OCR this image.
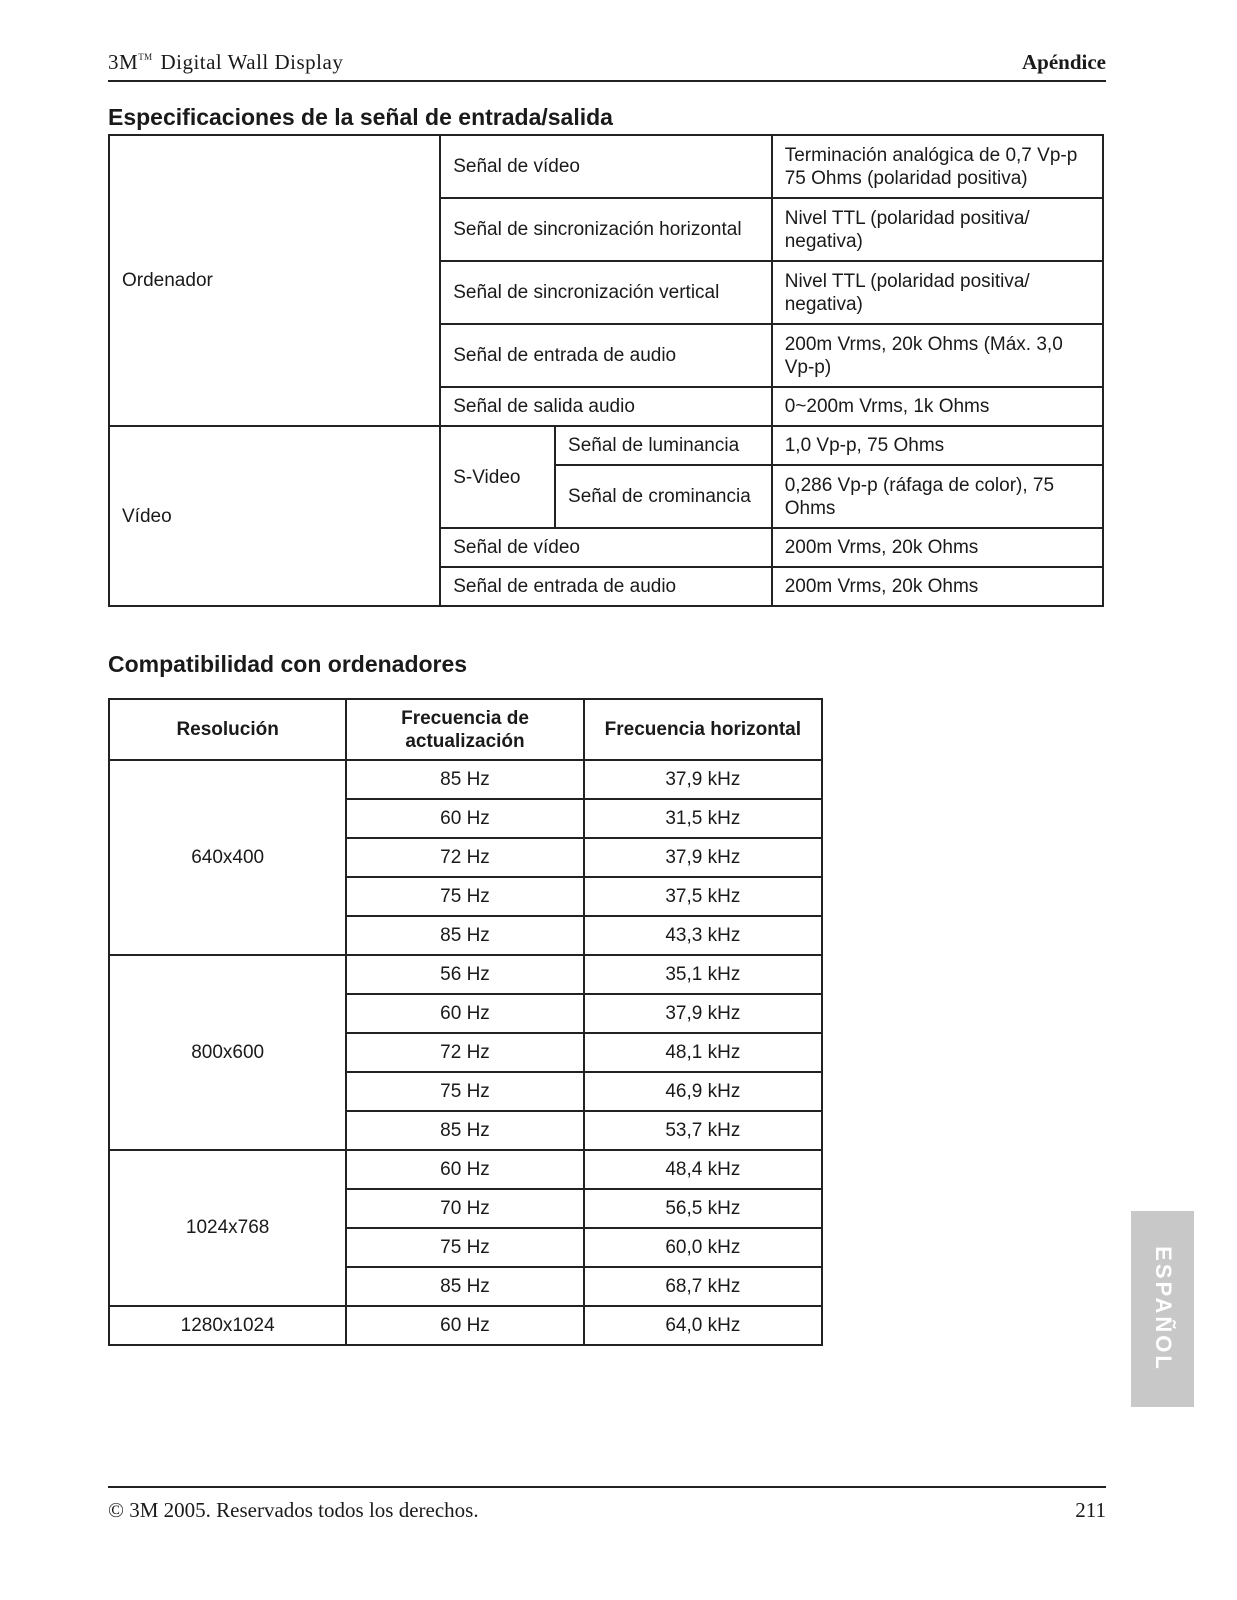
3M™ Digital Wall Display	Apéndice
Especificaciones de la señal de entrada/salida
Ordenador	Señal de vídeo		Terminación analógica de 0,7 Vp-p 75 Ohms (polaridad positiva)
	Señal de sincronización horizontal		Nivel TTL (polaridad positiva/ negativa)
	Señal de sincronización vertical		Nivel TTL (polaridad positiva/ negativa)
	Señal de entrada de audio		200m Vrms, 20k Ohms (Máx. 3,0 Vp-p)
	Señal de salida audio		0~200m Vrms, 1k Ohms
Vídeo	S-Video	Señal de luminancia	1,0 Vp-p, 75 Ohms
		Señal de crominancia	0,286 Vp-p (ráfaga de color), 75 Ohms
	Señal de vídeo		200m Vrms, 20k Ohms
	Señal de entrada de audio		200m Vrms, 20k Ohms
Compatibilidad con ordenadores
Resolución	Frecuencia de actualización	Frecuencia horizontal
640x400	85 Hz	37,9 kHz
	60 Hz	31,5 kHz
	72 Hz	37,9 kHz
	75 Hz	37,5 kHz
	85 Hz	43,3 kHz
800x600	56 Hz	35,1 kHz
	60 Hz	37,9 kHz
	72 Hz	48,1 kHz
	75 Hz	46,9 kHz
	85 Hz	53,7 kHz
1024x768	60 Hz	48,4 kHz
	70 Hz	56,5 kHz
	75 Hz	60,0 kHz
	85 Hz	68,7 kHz
1280x1024	60 Hz	64,0 kHz	ESPAÑOL
© 3M 2005. Reservados todos los derechos.	211
